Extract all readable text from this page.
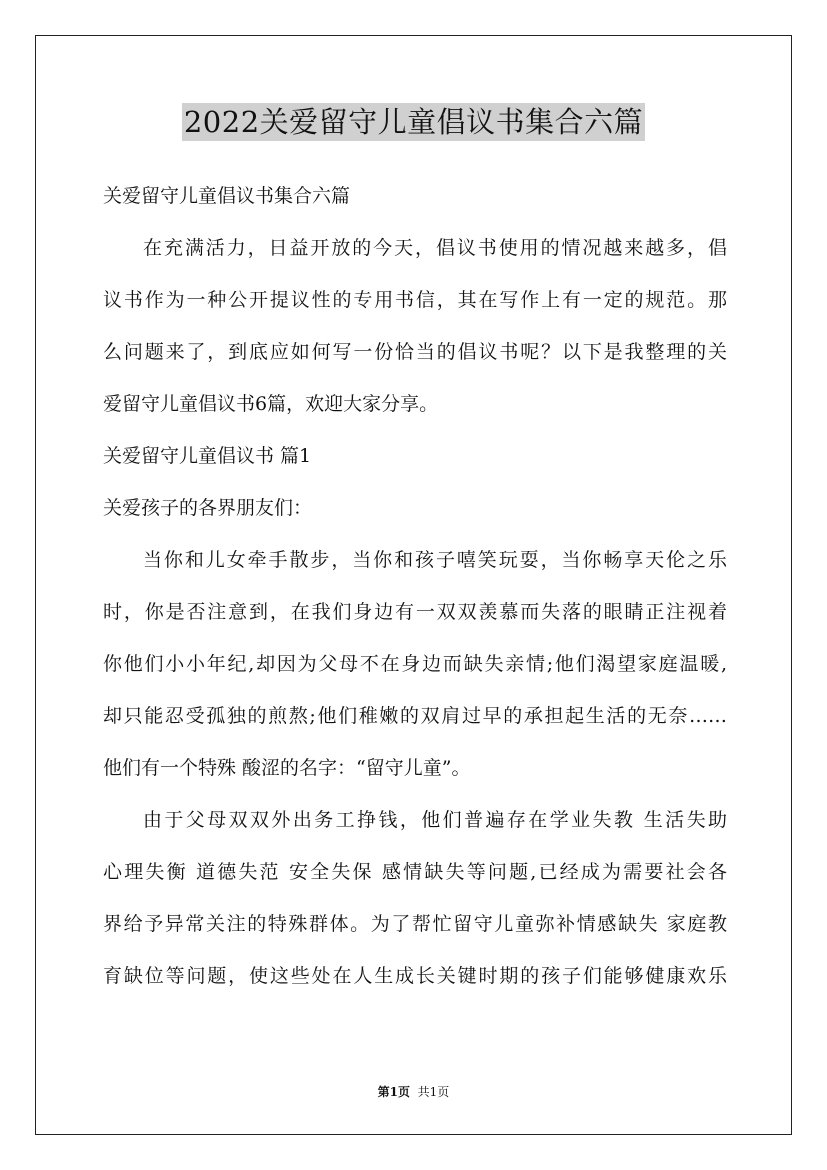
2022关爱留守儿童倡议书集合六篇
关爱留守儿童倡议书集合六篇
在充满活力，日益开放的今天，倡议书使用的情况越来越多，倡
议书作为一种公开提议性的专用书信，其在写作上有一定的规范。那
么问题来了，到底应如何写一份恰当的倡议书呢？以下是我整理的关
爱留守儿童倡议书6篇，欢迎大家分享。
关爱留守儿童倡议书 篇1
关爱孩子的各界朋友们：
当你和儿女牵手散步，当你和孩子嘻笑玩耍，当你畅享天伦之乐
时，你是否注意到，在我们身边有一双双羡慕而失落的眼睛正注视着
你他们小小年纪,却因为父母不在身边而缺失亲情;他们渴望家庭温暖,
却只能忍受孤独的煎熬;他们稚嫩的双肩过早的承担起生活的无奈……
他们有一个特殊 酸涩的名字：“留守儿童”。
由于父母双双外出务工挣钱，他们普遍存在学业失教 生活失助
心理失衡 道德失范 安全失保 感情缺失等问题,已经成为需要社会各
界给予异常关注的特殊群体。为了帮忙留守儿童弥补情感缺失 家庭教
育缺位等问题，使这些处在人生成长关键时期的孩子们能够健康欢乐
第1页 共1页
